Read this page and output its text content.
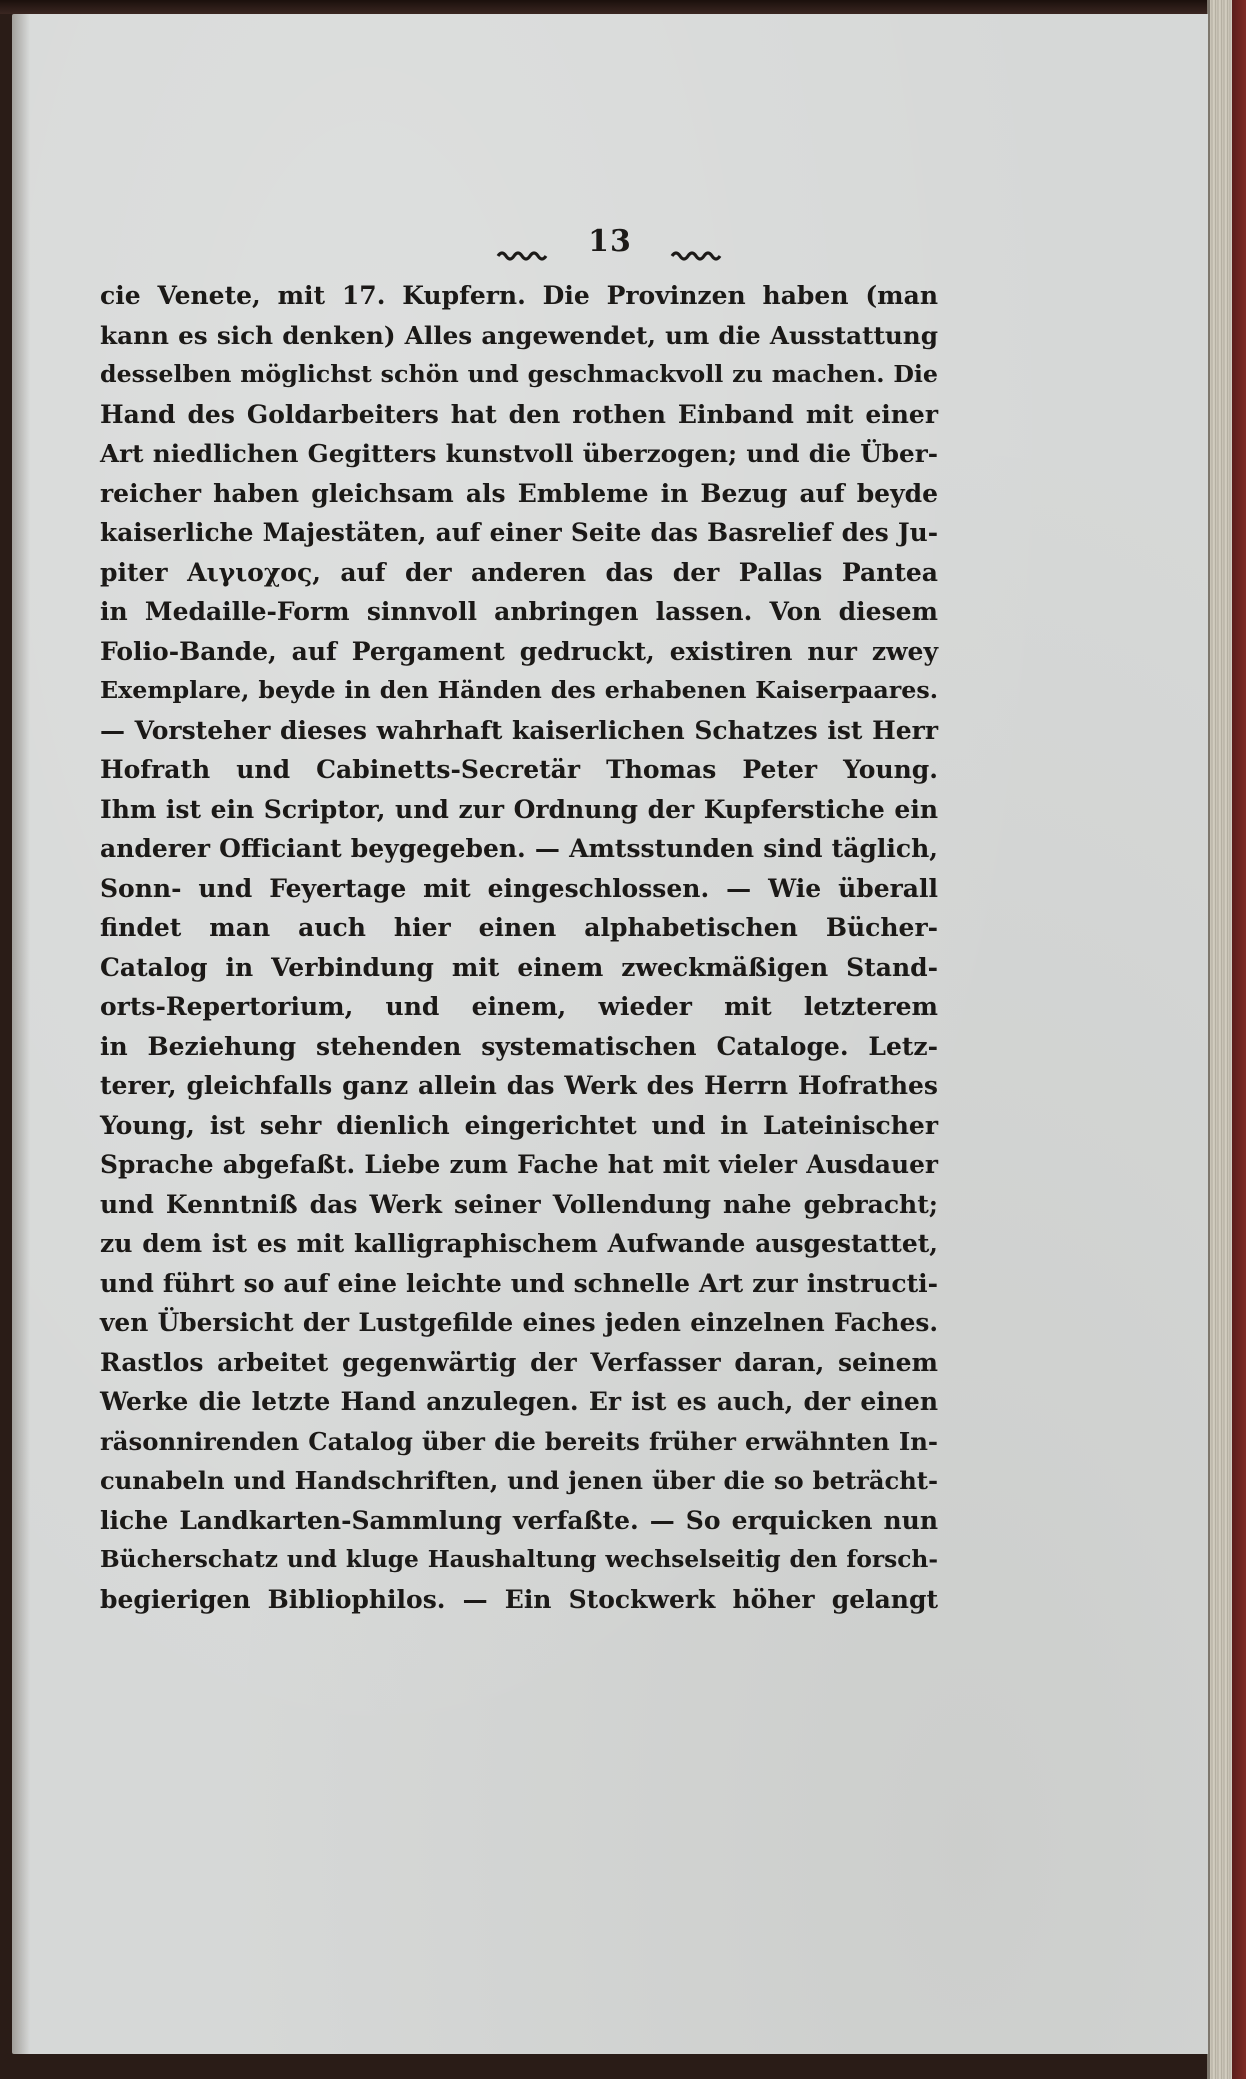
13
cie Venete, mit 17. Kupfern. Die Provinzen haben (man
kann es sich denken) Alles angewendet, um die Ausstattung
desselben möglichst schön und geschmackvoll zu machen. Die
Hand des Goldarbeiters hat den rothen Einband mit einer
Art niedlichen Gegitters kunstvoll überzogen; und die Über-
reicher haben gleichsam als Embleme in Bezug auf beyde
kaiserliche Majestäten, auf einer Seite das Basrelief des Ju-
piter Αιγιοχος, auf der anderen das der Pallas Pantea
in Medaille-Form sinnvoll anbringen lassen. Von diesem
Folio-Bande, auf Pergament gedruckt, existiren nur zwey
Exemplare, beyde in den Händen des erhabenen Kaiserpaares.
— Vorsteher dieses wahrhaft kaiserlichen Schatzes ist Herr
Hofrath und Cabinetts-Secretär Thomas Peter Young.
Ihm ist ein Scriptor, und zur Ordnung der Kupferstiche ein
anderer Officiant beygegeben. — Amtsstunden sind täglich,
Sonn- und Feyertage mit eingeschlossen. — Wie überall
findet man auch hier einen alphabetischen Bücher-
Catalog in Verbindung mit einem zweckmäßigen Stand-
orts-Repertorium, und einem, wieder mit letzterem
in Beziehung stehenden systematischen Cataloge. Letz-
terer, gleichfalls ganz allein das Werk des Herrn Hofrathes
Young, ist sehr dienlich eingerichtet und in Lateinischer
Sprache abgefaßt. Liebe zum Fache hat mit vieler Ausdauer
und Kenntniß das Werk seiner Vollendung nahe gebracht;
zu dem ist es mit kalligraphischem Aufwande ausgestattet,
und führt so auf eine leichte und schnelle Art zur instructi-
ven Übersicht der Lustgefilde eines jeden einzelnen Faches.
Rastlos arbeitet gegenwärtig der Verfasser daran, seinem
Werke die letzte Hand anzulegen. Er ist es auch, der einen
räsonnirenden Catalog über die bereits früher erwähnten In-
cunabeln und Handschriften, und jenen über die so beträcht-
liche Landkarten-Sammlung verfaßte. — So erquicken nun
Bücherschatz und kluge Haushaltung wechselseitig den forsch-
begierigen Bibliophilos. — Ein Stockwerk höher gelangt
